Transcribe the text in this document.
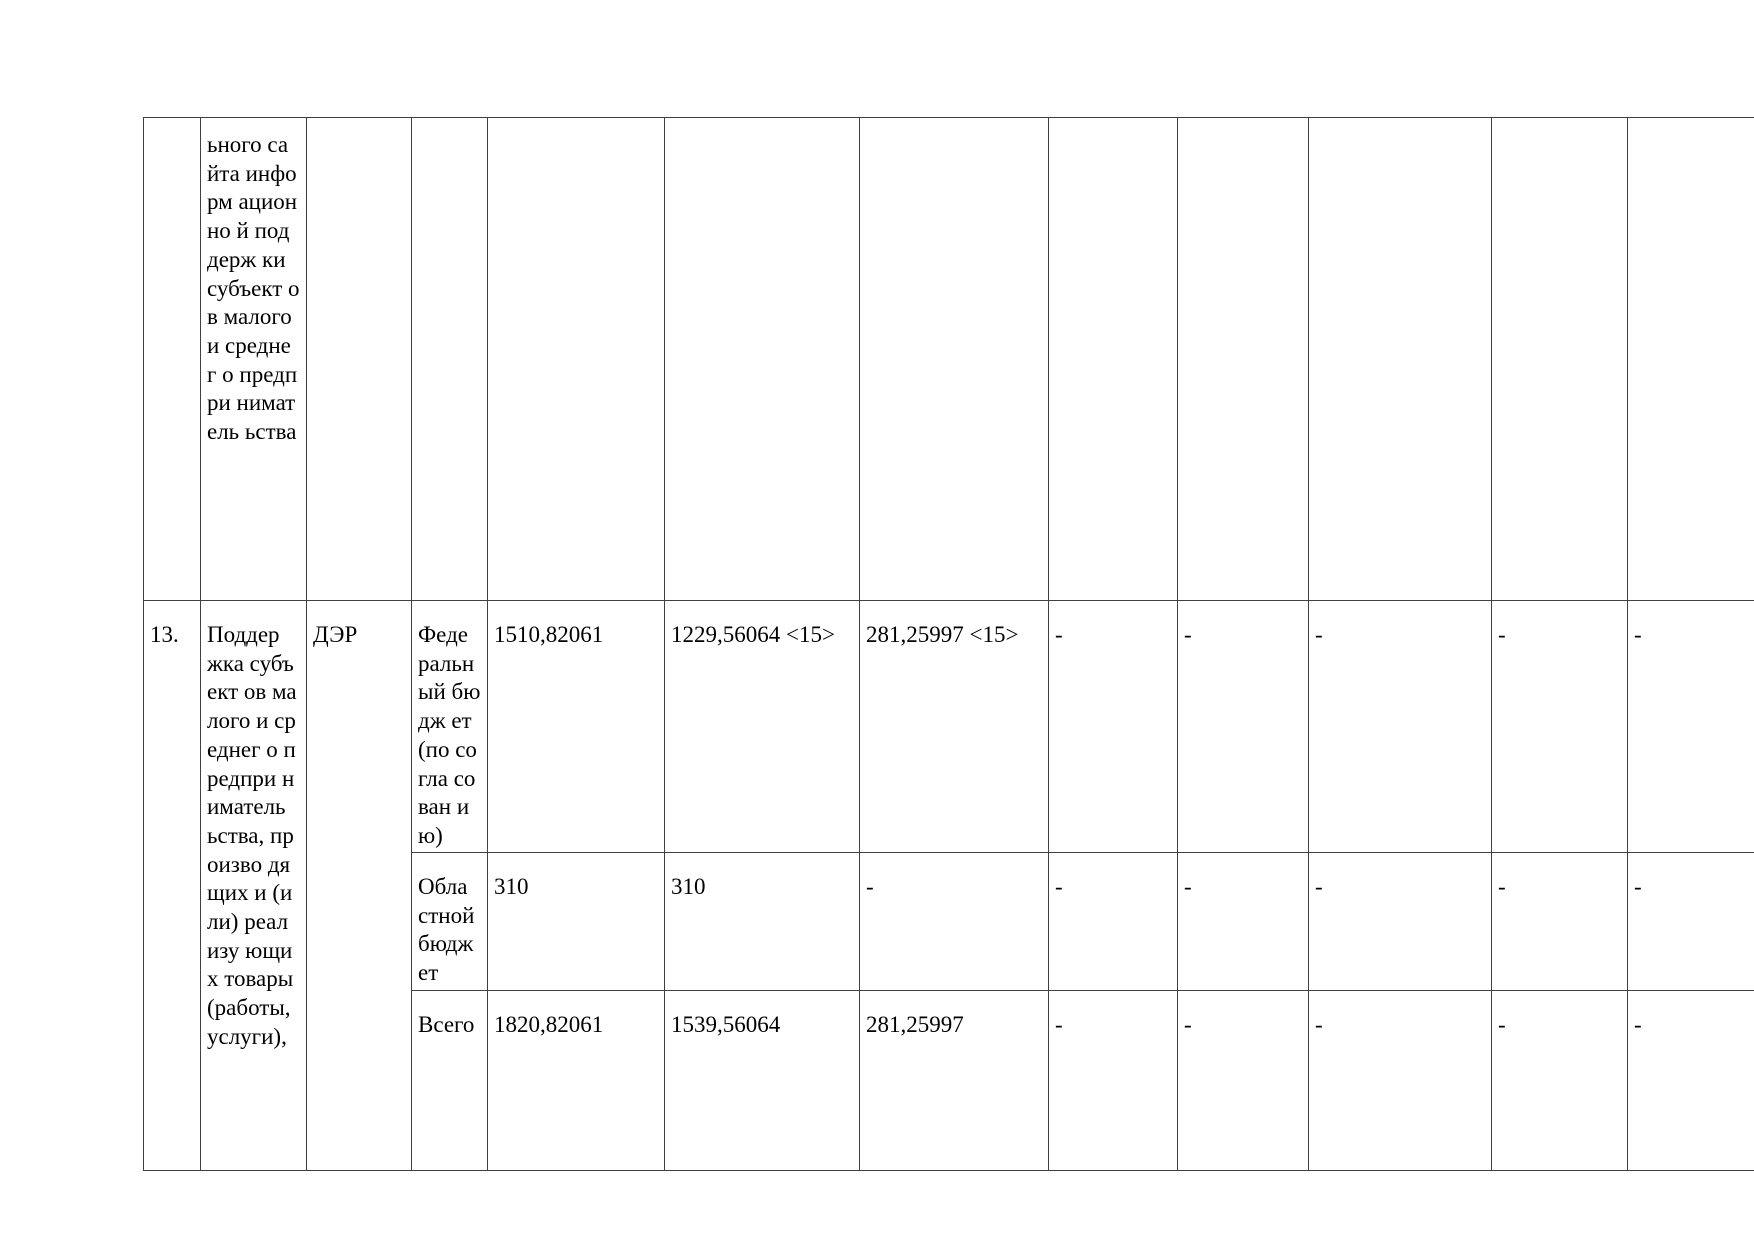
	ьного сайта информ ационно й поддерж ки субъект ов малого и среднег о предпри ниматель ьства										
13.	Поддер жка субъект ов малого и среднег о предпри ниматель ьства, произво дящих и (или) реализу ющих товары (работы, услуги),	ДЭР	Феде ральн ый бюдж ет (по согла сован ию)	1510,82061	1229,56064 <15>	281,25997 <15>	-	-	-	-	-
			Обла стной бюдж ет	310	310	-	-	-	-	-	-
			Всего	1820,82061	1539,56064	281,25997	-	-	-	-	-
